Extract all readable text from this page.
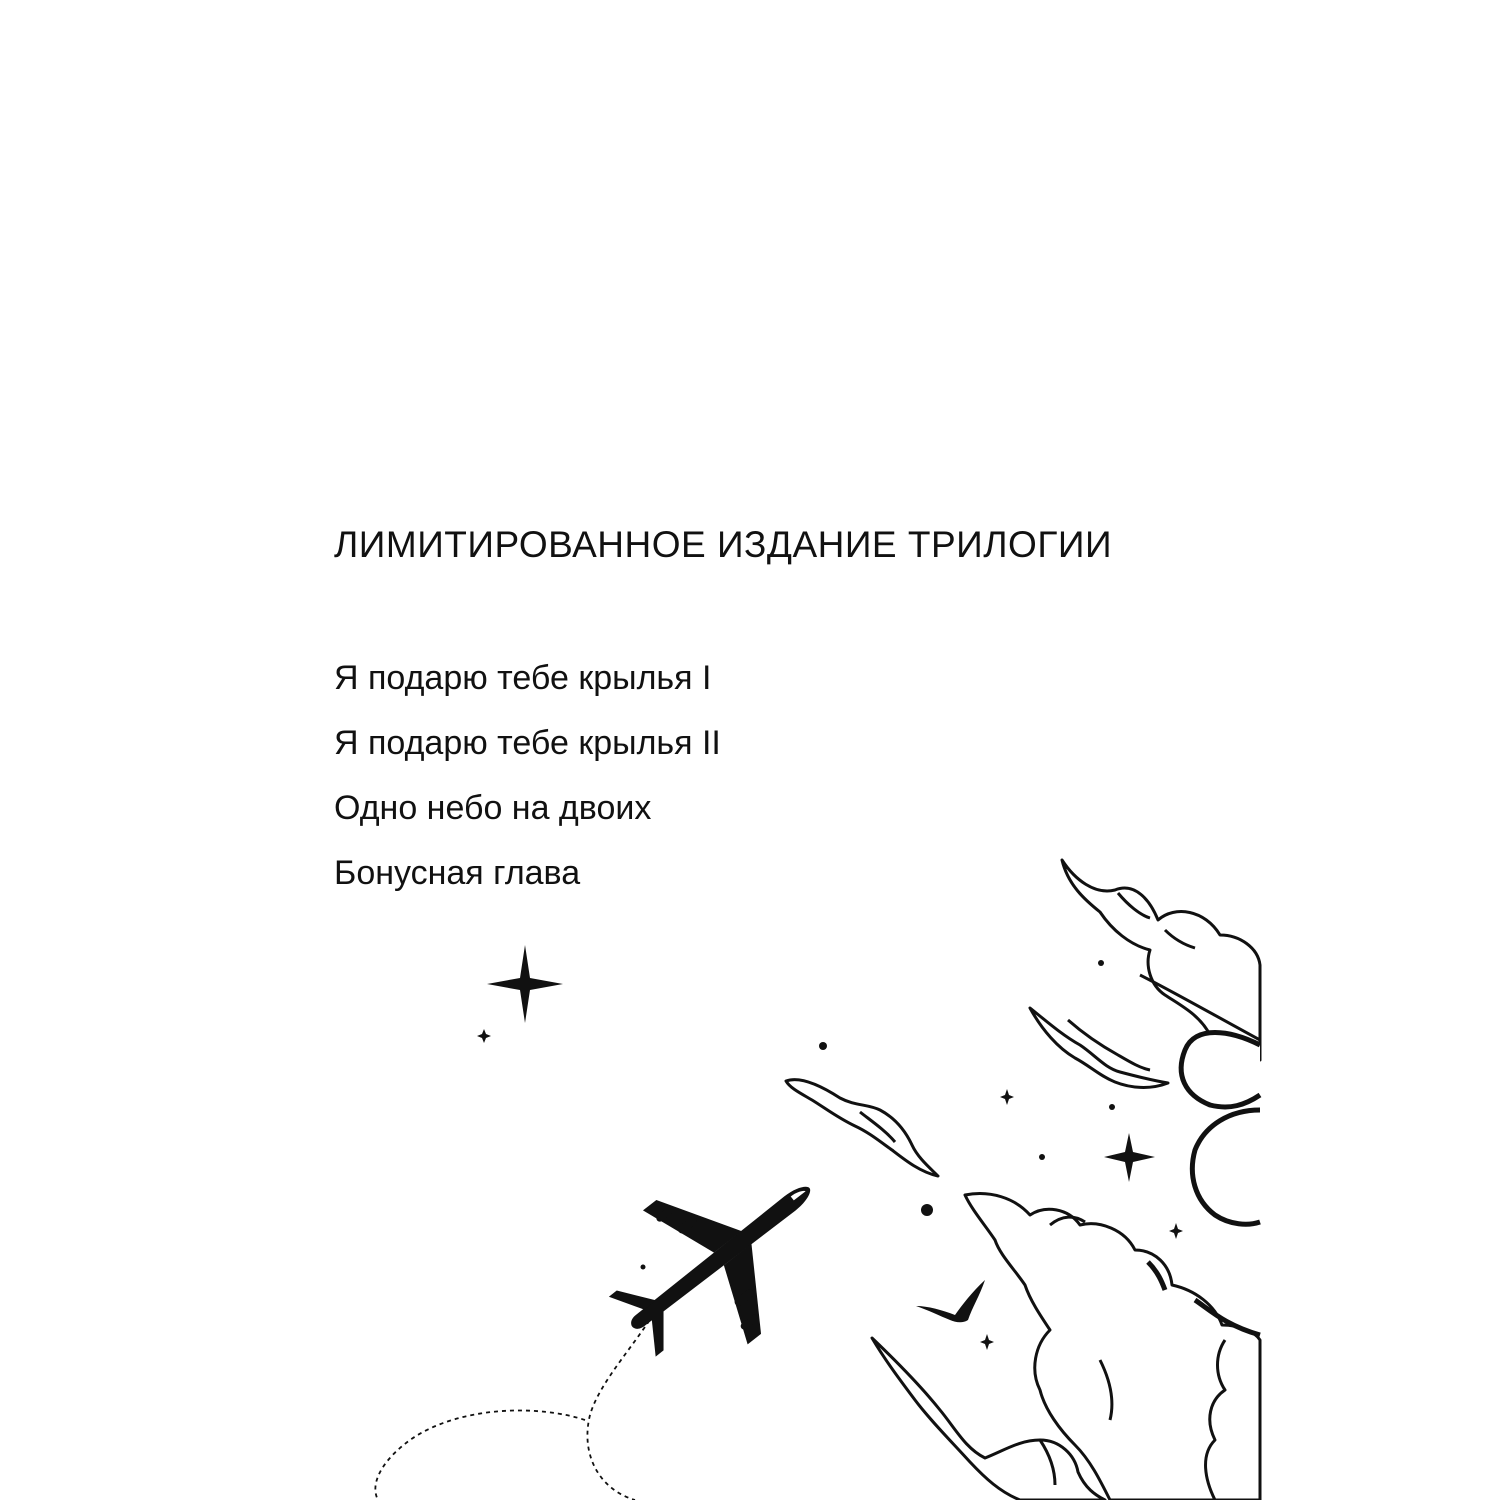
ЛИМИТИРОВАННОЕ ИЗДАНИЕ ТРИЛОГИИ
Я подарю тебе крылья I
Я подарю тебе крылья II
Одно небо на двоих
Бонусная глава
